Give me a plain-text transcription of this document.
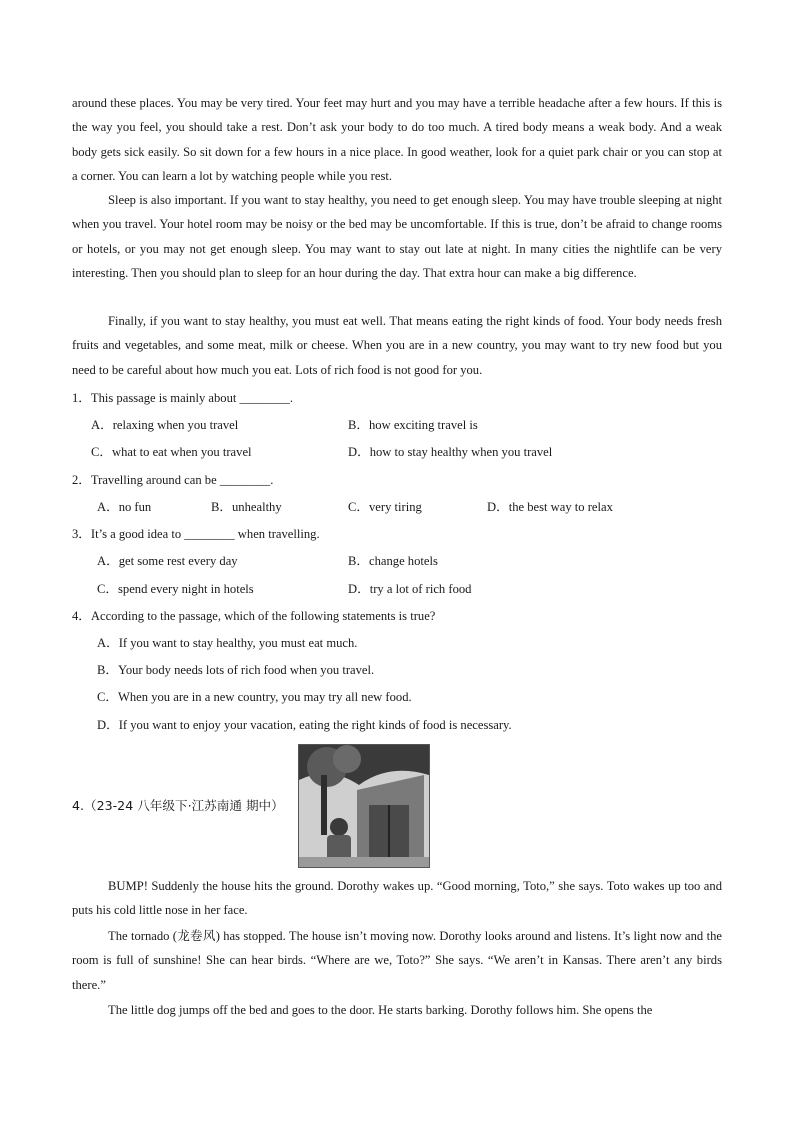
around these places. You may be very tired. Your feet may hurt and you may have a terrible headache after a few hours. If this is the way you feel, you should take a rest. Don’t ask your body to do too much. A tired body means a weak body. And a weak body gets sick easily. So sit down for a few hours in a nice place. In good weather, look for a quiet park chair or you can stop at a corner. You can learn a lot by watching people while you rest.

Sleep is also important. If you want to stay healthy, you need to get enough sleep. You may have trouble sleeping at night when you travel. Your hotel room may be noisy or the bed may be uncomfortable. If this is true, don’t be afraid to change rooms or hotels, or you may not get enough sleep. You may want to stay out late at night. In many cities the nightlife can be very interesting. Then you should plan to sleep for an hour during the day. That extra hour can make a big difference.

Finally, if you want to stay healthy, you must eat well. That means eating the right kinds of food. Your body needs fresh fruits and vegetables, and some meat, milk or cheese. When you are in a new country, you may want to try new food but you need to be careful about how much you eat. Lots of rich food is not good for you.

1．This passage is mainly about ________.
A．relaxing when you travel	B．how exciting travel is
C．what to eat when you travel	D．how to stay healthy when you travel
2．Travelling around can be ________.
A．no fun	B．unhealthy	C．very tiring	D．the best way to relax
3．It’s a good idea to ________ when travelling.
A．get some rest every day	B．change hotels
C．spend every night in hotels	D．try a lot of rich food
4．According to the passage, which of the following statements is true?
A．If you want to stay healthy, you must eat much.
B．Your body needs lots of rich food when you travel.
C．When you are in a new country, you may try all new food.
D．If you want to enjoy your vacation, eating the right kinds of food is necessary.
4.（23-24 八年级下·江苏南通 期中）

BUMP! Suddenly the house hits the ground. Dorothy wakes up. “Good morning, Toto,” she says. Toto wakes up too and puts his cold little nose in her face.

The tornado (龙卷风) has stopped. The house isn’t moving now. Dorothy looks around and listens. It’s light now and the room is full of sunshine! She can hear birds. “Where are we, Toto?” She says. “We aren’t in Kansas. There aren’t any birds there.”

The little dog jumps off the bed and goes to the door. He starts barking. Dorothy follows him. She opens the
